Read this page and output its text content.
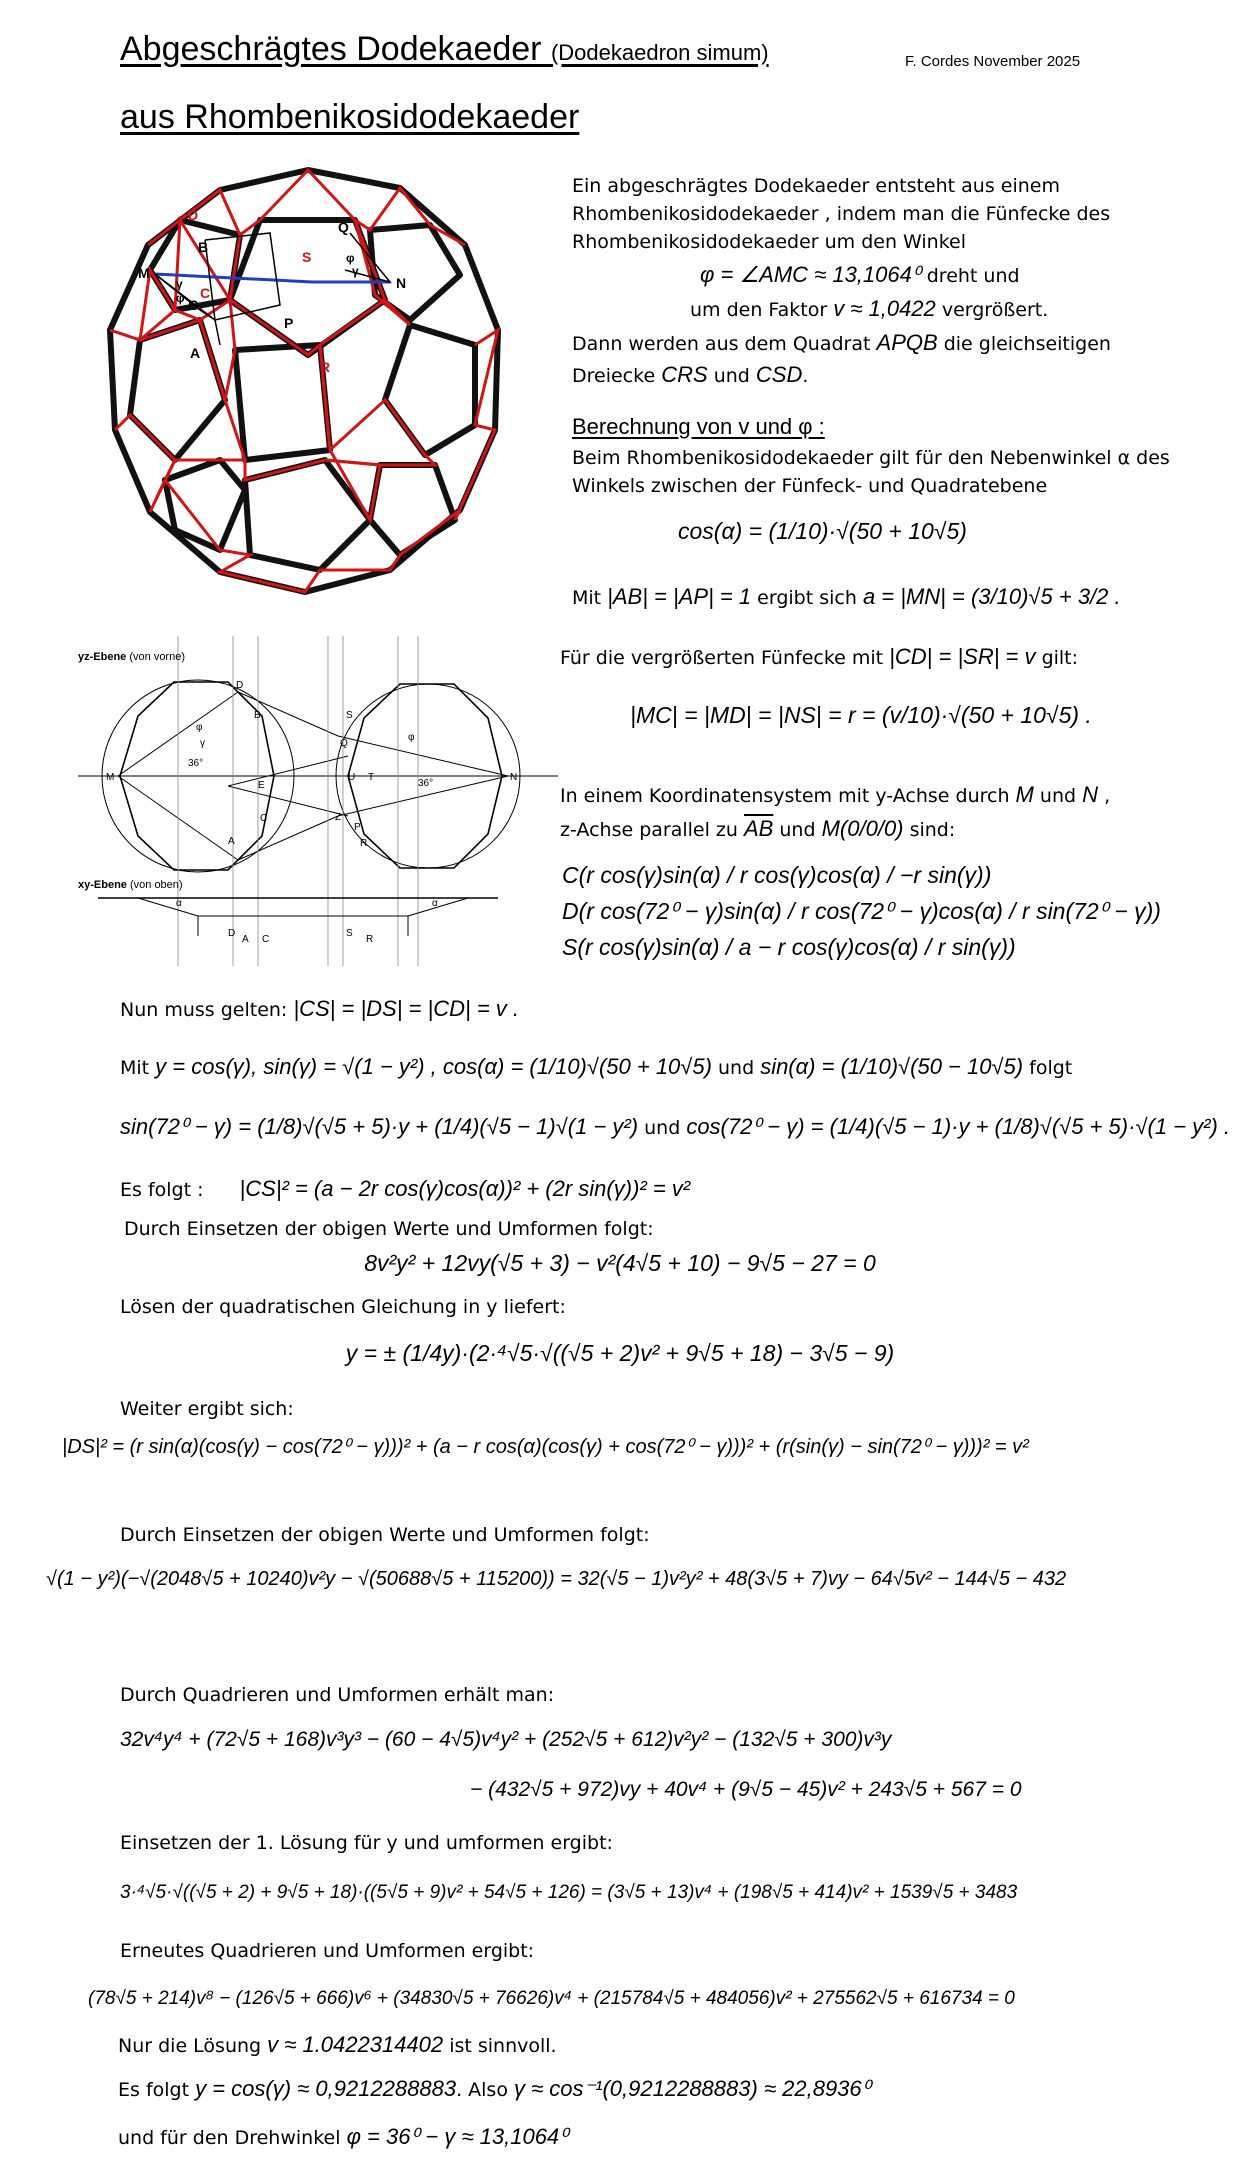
Abgeschrägtes Dodekaeder (Dodekaedron simum)	F. Cordes November 2025
aus Rhombenikosidodekaeder
D
B
Q
S	φ
γ
M
N
C
G
γ
φ
P
A
R
Ein abgeschrägtes Dodekaeder entsteht aus einem Rhombenikosidodekaeder , indem man die Fünfecke des Rhombenikosidodekaeder um den Winkel
φ = ∠AMC ≈ 13,1064⁰ dreht und
um den Faktor v ≈ 1,0422 vergrößert.
Dann werden aus dem Quadrat APQB die gleichseitigen
Dreiecke CRS und CSD.
Berechnung von v und φ :
Beim Rhombenikosidodekaeder gilt für den Nebenwinkel α des Winkels zwischen der Fünfeck- und Quadratebene
cos(α) = (1/10)·√(50 + 10√5)
Mit |AB| = |AP| = 1 ergibt sich a = |MN| = (3/10)√5 + 3/2 .
Für die vergrößerten Fünfecke mit |CD| = |SR| = v gilt:
|MC| = |MD| = |NS| = r = (v/10)·√(50 + 10√5) .
yz-Ebene (von vorne)
xy-Ebene (von oben)
D
B
M
E
C
A
φ
γ
36°
S
Q
U T	N
Z
P
R
36°
φ
α	α
D
A C
S
R
In einem Koordinatensystem mit y-Achse durch M und N ,
z-Achse parallel zu $\overline{AB}$ und M(0/0/0) sind:
C(r cos(γ)sin(α) / r cos(γ)cos(α) / −r sin(γ))
D(r cos(72⁰ − γ)sin(α) / r cos(72⁰ − γ)cos(α) / r sin(72⁰ − γ))
S(r cos(γ)sin(α) / a − r cos(γ)cos(α) / r sin(γ))
Nun muss gelten: |CS| = |DS| = |CD| = v .
Mit y = cos(γ), sin(γ) = √(1 − y²) , cos(α) = (1/10)√(50 + 10√5) und sin(α) = (1/10)√(50 − 10√5) folgt
sin(72⁰ − γ) = (1/8)√(√5 + 5)·y + (1/4)(√5 − 1)√(1 − y²) und cos(72⁰ − γ) = (1/4)(√5 − 1)·y + (1/8)√(√5 + 5)·√(1 − y²) .
Es folgt : |CS|² = (a − 2r cos(γ)cos(α))² + (2r sin(γ))² = v²
Durch Einsetzen der obigen Werte und Umformen folgt:
8v²y² + 12vy(√5 + 3) − v²(4√5 + 10) − 9√5 − 27 = 0
Lösen der quadratischen Gleichung in y liefert:
y = ± (1/4y)·(2·⁴√5·√((√5 + 2)v² + 9√5 + 18) − 3√5 − 9)
Weiter ergibt sich:
|DS|² = (r sin(α)(cos(γ) − cos(72⁰ − γ)))² + (a − r cos(α)(cos(γ) + cos(72⁰ − γ)))² + (r(sin(γ) − sin(72⁰ − γ)))² = v²
Durch Einsetzen der obigen Werte und Umformen folgt:
√(1 − y²)(−√(2048√5 + 10240)v²y − √(50688√5 + 115200)) = 32(√5 − 1)v²y² + 48(3√5 + 7)vy − 64√5v² − 144√5 − 432
Durch Quadrieren und Umformen erhält man:
32v⁴y⁴ + (72√5 + 168)v³y³ − (60 − 4√5)v⁴y² + (252√5 + 612)v²y² − (132√5 + 300)v³y
− (432√5 + 972)vy + 40v⁴ + (9√5 − 45)v² + 243√5 + 567 = 0
Einsetzen der 1. Lösung für y und umformen ergibt:
3·⁴√5·√((√5 + 2) + 9√5 + 18)·((5√5 + 9)v² + 54√5 + 126) = (3√5 + 13)v⁴ + (198√5 + 414)v² + 1539√5 + 3483
Erneutes Quadrieren und Umformen ergibt:
(78√5 + 214)v⁸ − (126√5 + 666)v⁶ + (34830√5 + 76626)v⁴ + (215784√5 + 484056)v² + 275562√5 + 616734 = 0
Nur die Lösung v ≈ 1.0422314402 ist sinnvoll.
Es folgt y = cos(γ) ≈ 0,9212288883. Also γ ≈ cos⁻¹(0,9212288883) ≈ 22,8936⁰
und für den Drehwinkel φ = 36⁰ − γ ≈ 13,1064⁰
